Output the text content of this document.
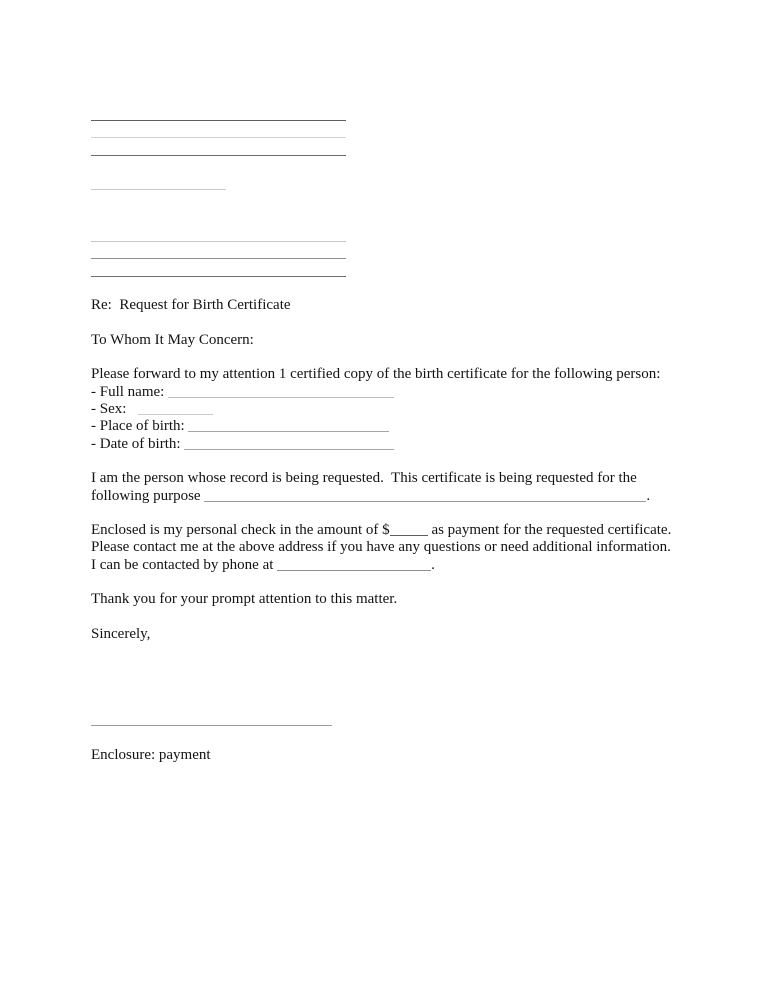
Re:  Request for Birth Certificate

To Whom It May Concern:

Please forward to my attention 1 certified copy of the birth certificate for the following person:

- Full name:

- Sex:

- Place of birth:

- Date of birth:

I am the person whose record is being requested.  This certificate is being requested for the

following purpose	.

Enclosed is my personal check in the amount of $	as payment for the requested certificate.

Please contact me at the above address if you have any questions or need additional information.

I can be contacted by phone at	.

Thank you for your prompt attention to this matter.

Sincerely,

Enclosure: payment
